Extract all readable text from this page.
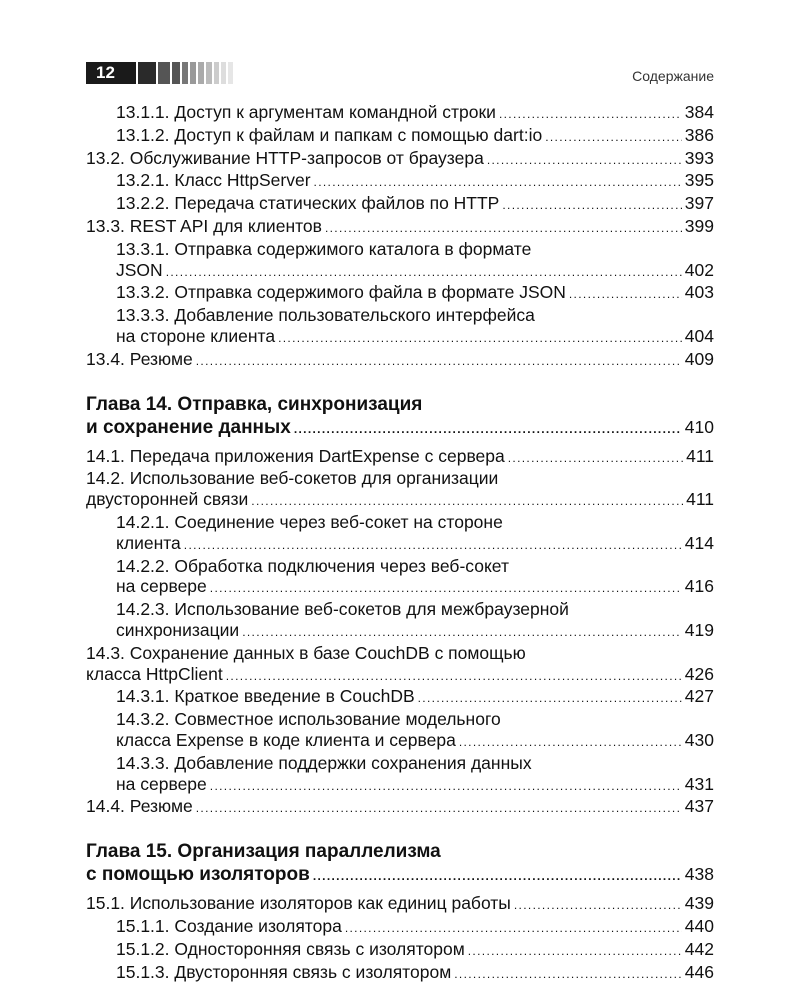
12	Содержание
13.1.1. Доступ к аргументам командной строки . . .	384
13.1.2. Доступ к файлам и папкам с помощью dart:io . . .	386
13.2. Обслуживание HTTP-запросов от браузера . . .	393
13.2.1. Класс HttpServer . . .	395
13.2.2. Передача статических файлов по HTTP . . .	397
13.3. REST API для клиентов . . .	399
13.3.1. Отправка содержимого каталога в формате
JSON . . .	402
13.3.2. Отправка содержимого файла в формате JSON . . .	403
13.3.3. Добавление пользовательского интерфейса
на стороне клиента . . .	404
13.4. Резюме . . .	409
Глава 14. Отправка, синхронизация
и сохранение данных . . .	410
14.1. Передача приложения DartExpense с сервера . . .	411
14.2. Использование веб-сокетов для организации
двусторонней связи . . .	411
14.2.1. Соединение через веб-сокет на стороне
клиента . . .	414
14.2.2. Обработка подключения через веб-сокет
на сервере . . .	416
14.2.3. Использование веб-сокетов для межбраузерной
синхронизации . . .	419
14.3. Сохранение данных в базе CouchDB с помощью
класса HttpClient . . .	426
14.3.1. Краткое введение в CouchDB . . .	427
14.3.2. Совместное использование модельного
класса Expense в коде клиента и сервера . . .	430
14.3.3. Добавление поддержки сохранения данных
на сервере . . .	431
14.4. Резюме . . .	437
Глава 15. Организация параллелизма
с помощью изоляторов . . .	438
15.1. Использование изоляторов как единиц работы . . .	439
15.1.1. Создание изолятора . . .	440
15.1.2. Односторонняя связь с изолятором . . .	442
15.1.3. Двусторонняя связь с изолятором . . .	446
